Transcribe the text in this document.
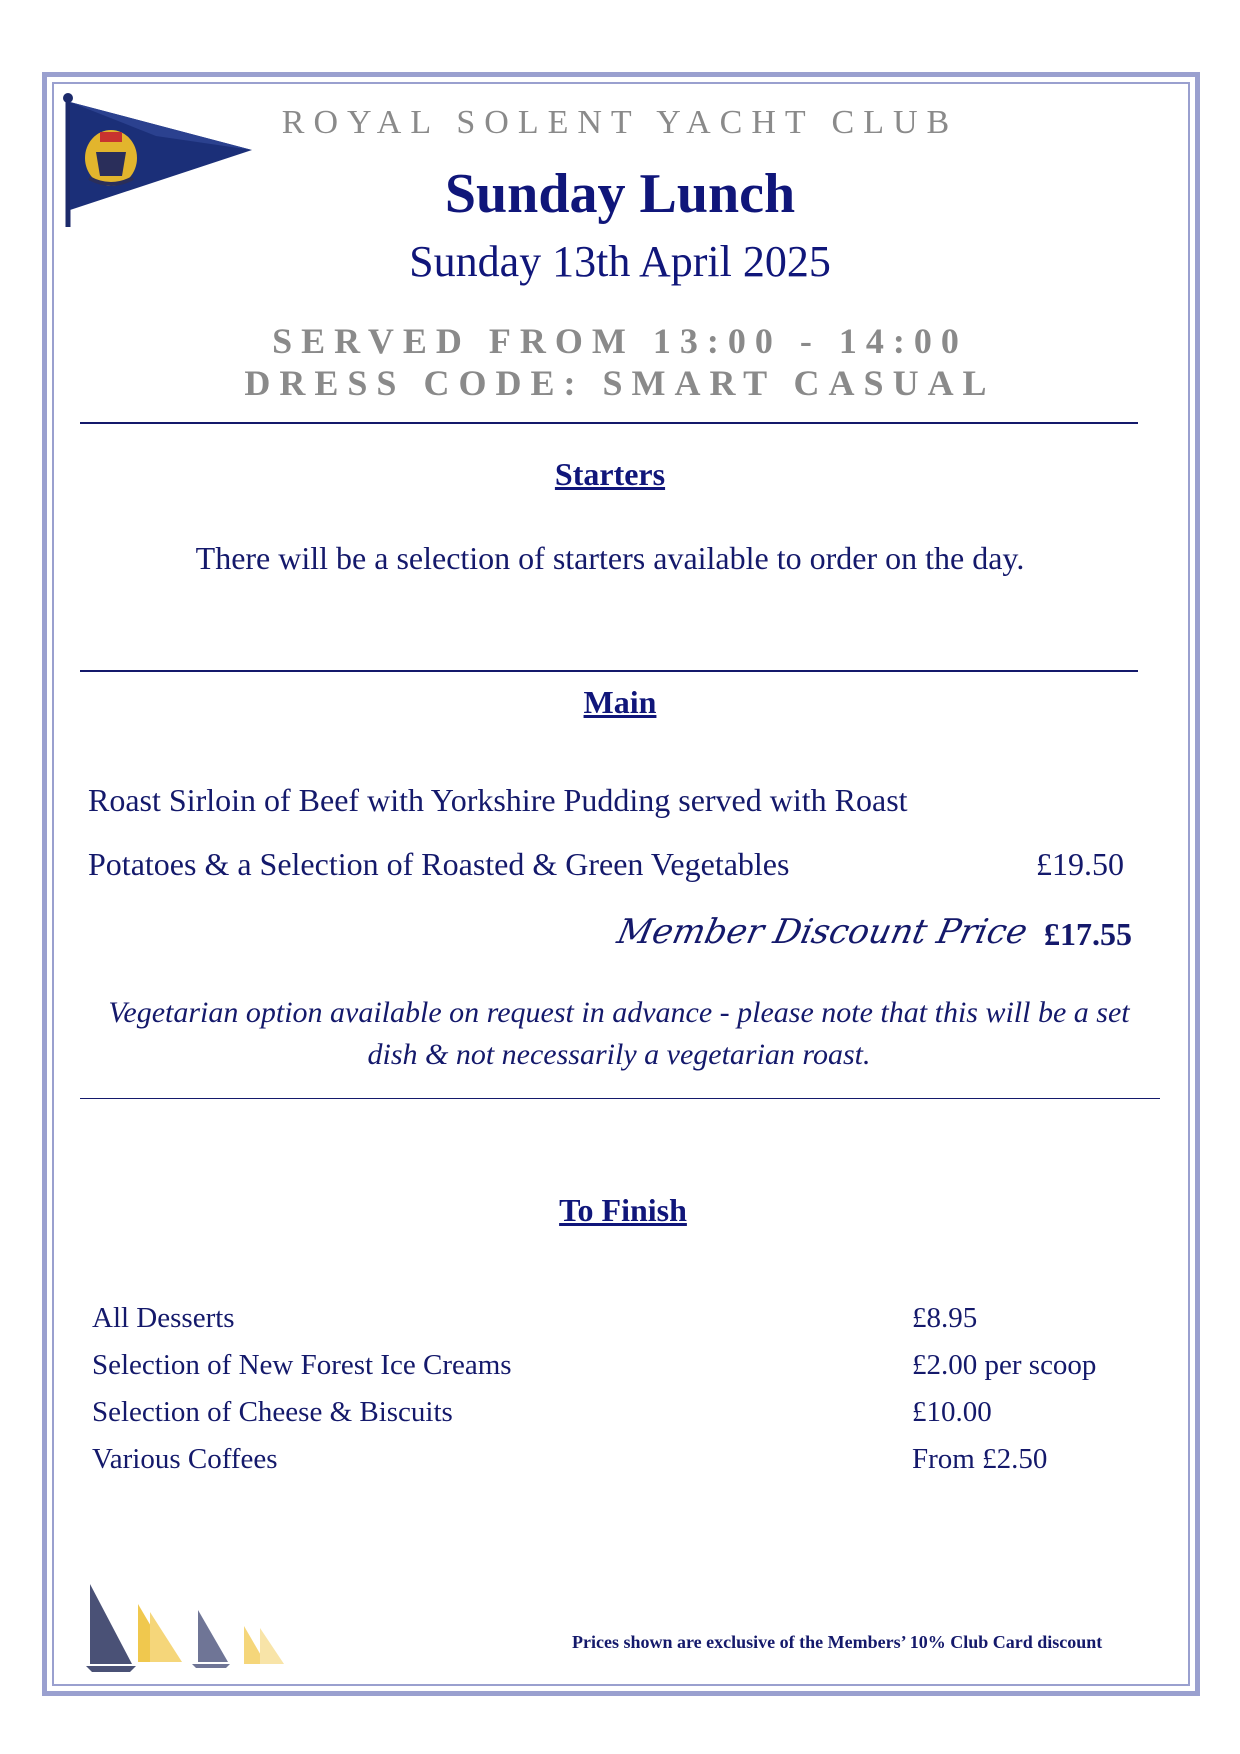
ROYAL SOLENT YACHT CLUB
Sunday Lunch
Sunday 13th April 2025
SERVED FROM 13:00 - 14:00
DRESS CODE: SMART CASUAL
Starters
There will be a selection of starters available to order on the day.
Main
Roast Sirloin of Beef with Yorkshire Pudding served with Roast
Potatoes & a Selection of Roasted & Green Vegetables	£19.50
Member Discount Price £17.55
Vegetarian option available on request in advance - please note that this will be a set
dish & not necessarily a vegetarian roast.
To Finish
All Desserts	£8.95
Selection of New Forest Ice Creams	£2.00 per scoop
Selection of Cheese & Biscuits	£10.00
Various Coffees	From £2.50
Prices shown are exclusive of the Members’ 10% Club Card discount
